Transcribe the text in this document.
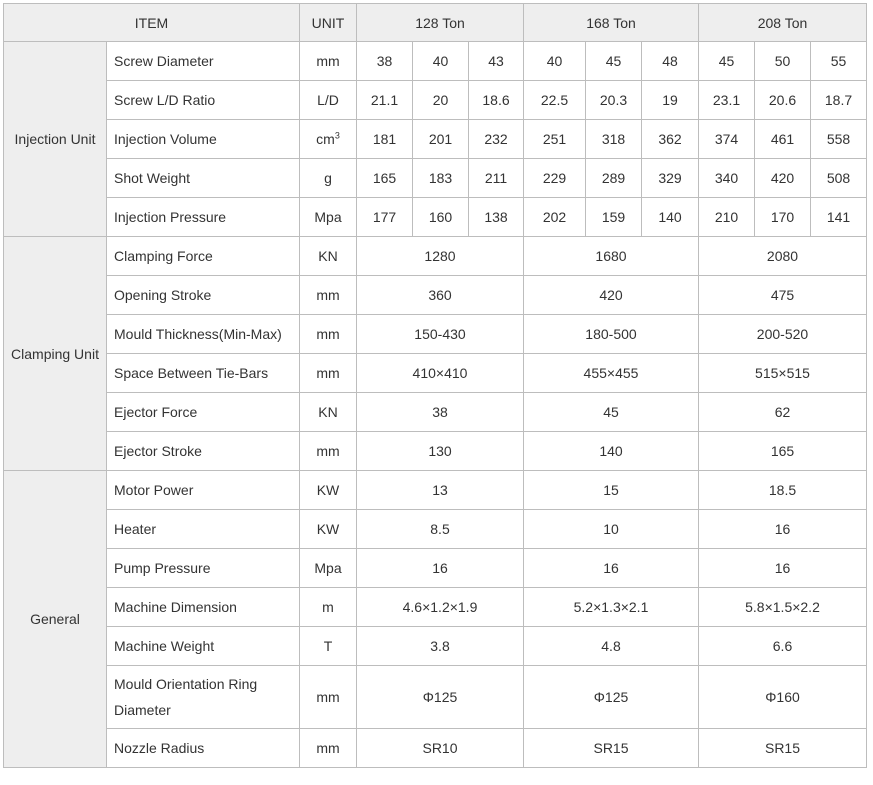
ITEM		UNIT	128 Ton			168 Ton			208 Ton		
Injection Unit	Screw Diameter	mm	38	40	43	40	45	48	45	50	55
	Screw L/D Ratio	L/D	21.1	20	18.6	22.5	20.3	19	23.1	20.6	18.7
	Injection Volume	$cm^3$	181	201	232	251	318	362	374	461	558
	Shot Weight	g	165	183	211	229	289	329	340	420	508
	Injection Pressure	Mpa	177	160	138	202	159	140	210	170	141
Clamping Unit	Clamping Force	KN	1280			1680			2080		
	Opening Stroke	mm	360			420			475		
	Mould Thickness(Min-Max)	mm	150-430			180-500			200-520		
	Space Between Tie-Bars	mm	410×410			455×455			515×515		
	Ejector Force	KN	38			45			62		
	Ejector Stroke	mm	130			140			165		
General	Motor Power	KW	13			15			18.5		
	Heater	KW	8.5			10			16		
	Pump Pressure	Mpa	16			16			16		
	Machine Dimension	m	4.6×1.2×1.9			5.2×1.3×2.1			5.8×1.5×2.2		
	Machine Weight	T	3.8			4.8			6.6		
	Mould Orientation Ring Diameter	mm	Φ125			Φ125			Φ160		
	Nozzle Radius	mm	SR10			SR15			SR15		
